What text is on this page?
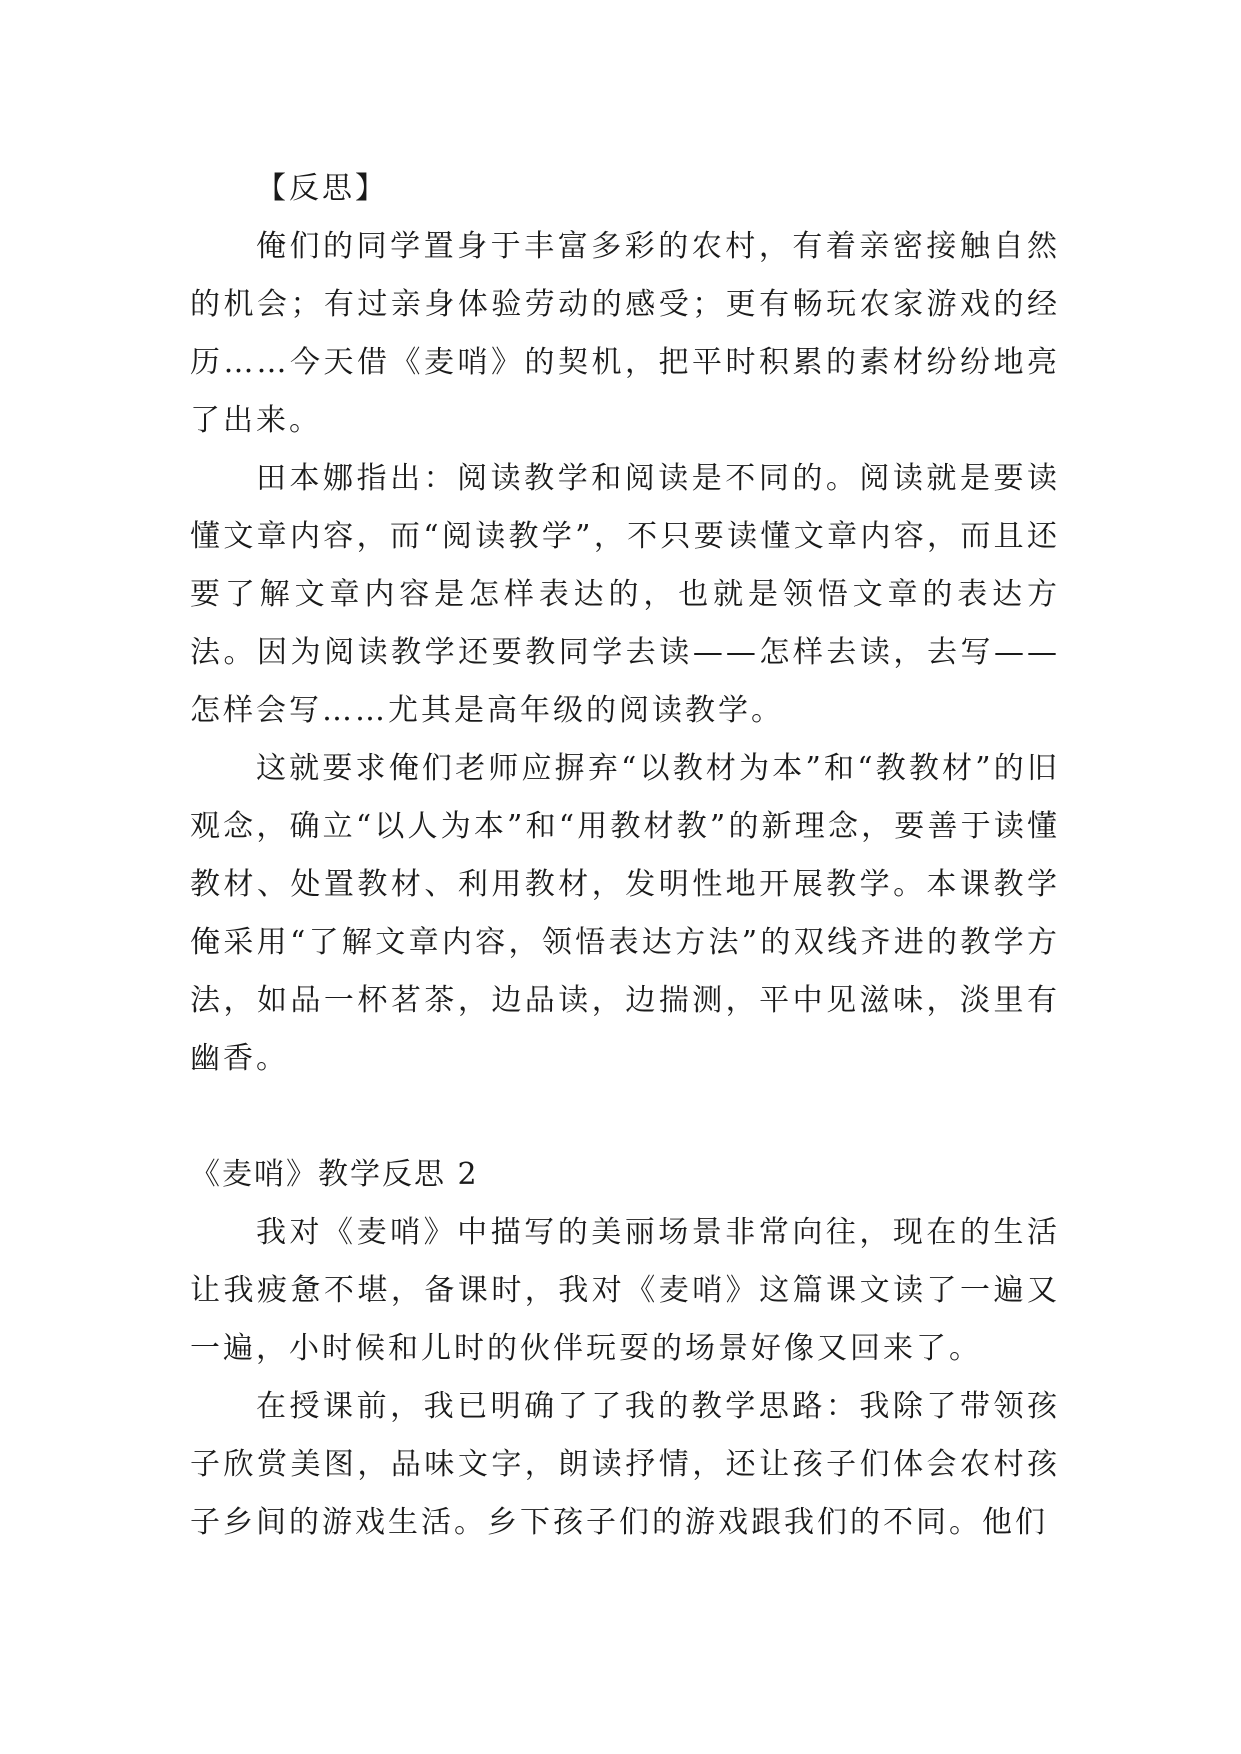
【反思】

俺们的同学置身于丰富多彩的农村，有着亲密接触自然的机会；有过亲身体验劳动的感受；更有畅玩农家游戏的经历……今天借《麦哨》的契机，把平时积累的素材纷纷地亮了出来。

田本娜指出：阅读教学和阅读是不同的。阅读就是要读懂文章内容，而“阅读教学”，不只要读懂文章内容，而且还要了解文章内容是怎样表达的，也就是领悟文章的表达方法。因为阅读教学还要教同学去读——怎样去读，去写——怎样会写……尤其是高年级的阅读教学。

这就要求俺们老师应摒弃“以教材为本”和“教教材”的旧观念，确立“以人为本”和“用教材教”的新理念，要善于读懂教材、处置教材、利用教材，发明性地开展教学。本课教学俺采用“了解文章内容，领悟表达方法”的双线齐进的教学方法，如品一杯茗茶，边品读，边揣测，平中见滋味，淡里有幽香。

《麦哨》教学反思 2

我对《麦哨》中描写的美丽场景非常向往，现在的生活让我疲惫不堪，备课时，我对《麦哨》这篇课文读了一遍又一遍，小时候和儿时的伙伴玩耍的场景好像又回来了。

在授课前，我已明确了了我的教学思路：我除了带领孩子欣赏美图，品味文字，朗读抒情，还让孩子们体会农村孩子乡间的游戏生活。乡下孩子们的游戏跟我们的不同。他们
